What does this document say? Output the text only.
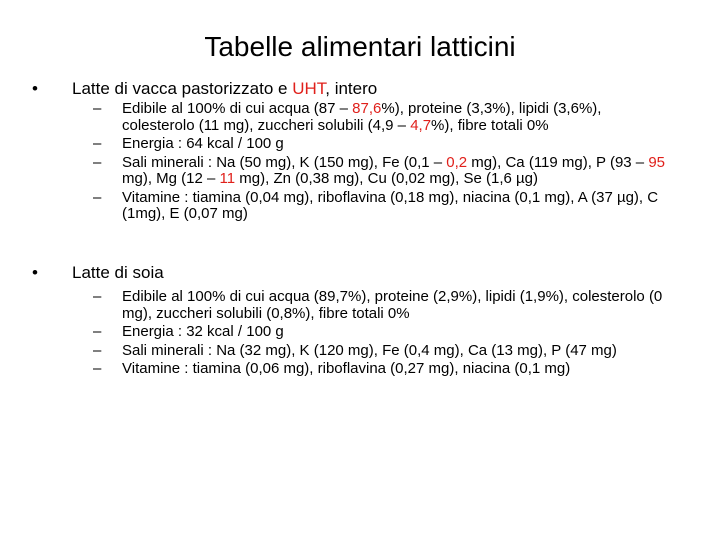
Tabelle alimentari latticini
•	Latte di vacca pastorizzato e UHT, intero
–	Edibile al 100% di cui acqua (87 – 87,6%), proteine (3,3%), lipidi (3,6%), colesterolo (11 mg), zuccheri solubili (4,9 – 4,7%), fibre totali 0%
–	Energia : 64 kcal / 100 g
–	Sali minerali : Na (50 mg), K (150 mg), Fe (0,1 – 0,2 mg), Ca (119 mg), P (93 – 95 mg), Mg (12 – 11 mg), Zn (0,38 mg), Cu (0,02 mg), Se (1,6 µg)
–	Vitamine : tiamina (0,04 mg), riboflavina (0,18 mg), niacina (0,1 mg), A (37 µg), C (1mg), E (0,07 mg)
•	Latte di soia
–	Edibile al 100% di cui acqua (89,7%), proteine (2,9%), lipidi (1,9%), colesterolo (0 mg), zuccheri solubili (0,8%), fibre totali 0%
–	Energia : 32 kcal / 100 g
–	Sali minerali : Na (32 mg), K (120 mg), Fe (0,4 mg), Ca (13 mg), P (47 mg)
–	Vitamine : tiamina (0,06 mg), riboflavina (0,27 mg), niacina (0,1 mg)
